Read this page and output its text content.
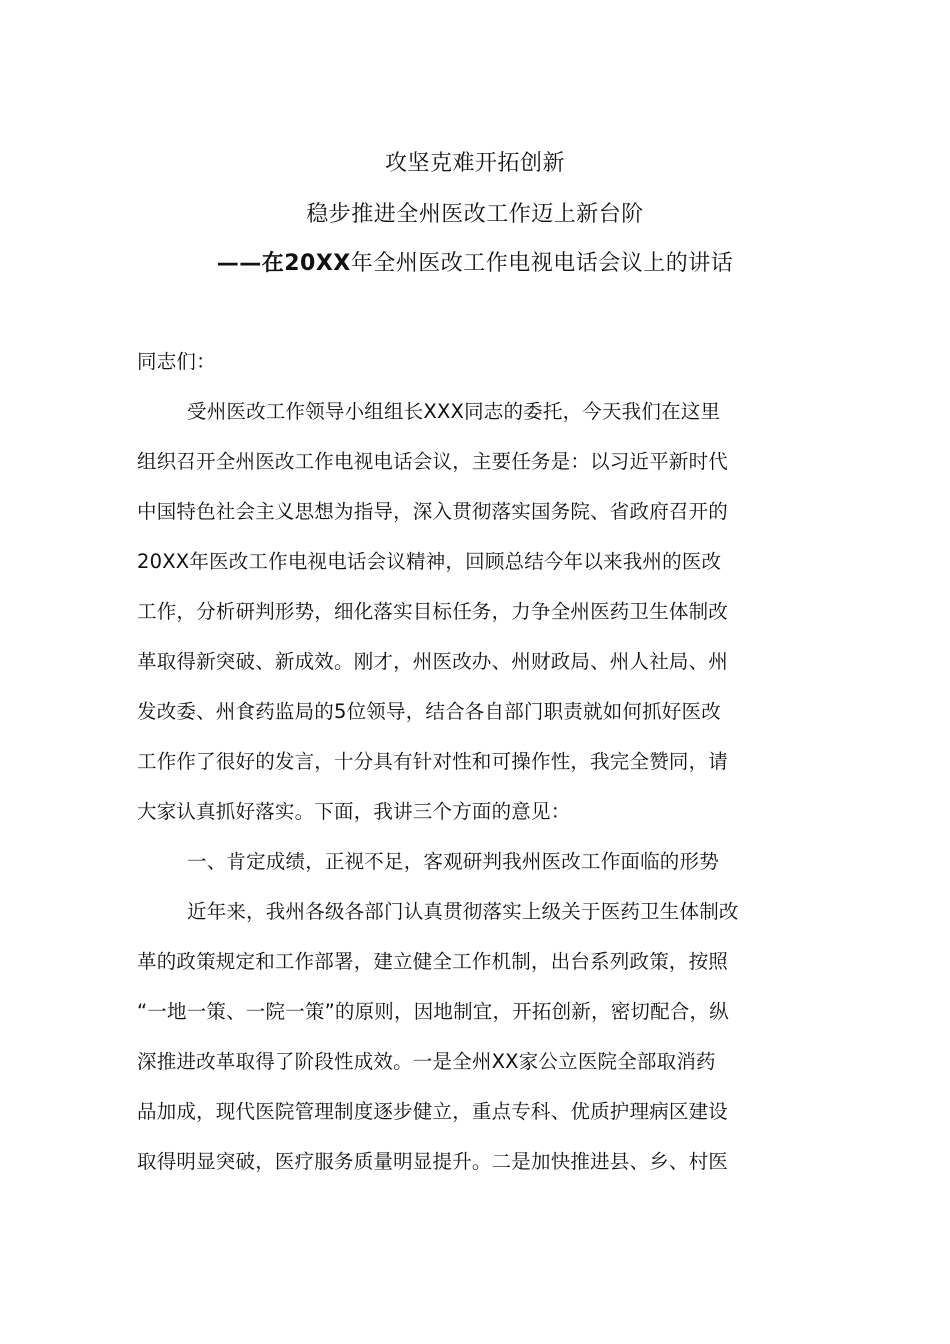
攻坚克难开拓创新
稳步推进全州医改工作迈上新台阶
——在20XX年全州医改工作电视电话会议上的讲话
同志们：
受州医改工作领导小组组长XXX同志的委托，今天我们在这里
组织召开全州医改工作电视电话会议，主要任务是：以习近平新时代
中国特色社会主义思想为指导，深入贯彻落实国务院、省政府召开的
20XX年医改工作电视电话会议精神，回顾总结今年以来我州的医改
工作，分析研判形势，细化落实目标任务，力争全州医药卫生体制改
革取得新突破、新成效。刚才，州医改办、州财政局、州人社局、州
发改委、州食药监局的5位领导，结合各自部门职责就如何抓好医改
工作作了很好的发言，十分具有针对性和可操作性，我完全赞同，请
大家认真抓好落实。下面，我讲三个方面的意见：
一、肯定成绩，正视不足，客观研判我州医改工作面临的形势
近年来，我州各级各部门认真贯彻落实上级关于医药卫生体制改
革的政策规定和工作部署，建立健全工作机制，出台系列政策，按照
“一地一策、一院一策”的原则，因地制宜，开拓创新，密切配合，纵
深推进改革取得了阶段性成效。一是全州XX家公立医院全部取消药
品加成，现代医院管理制度逐步健立，重点专科、优质护理病区建设
取得明显突破，医疗服务质量明显提升。二是加快推进县、乡、村医
